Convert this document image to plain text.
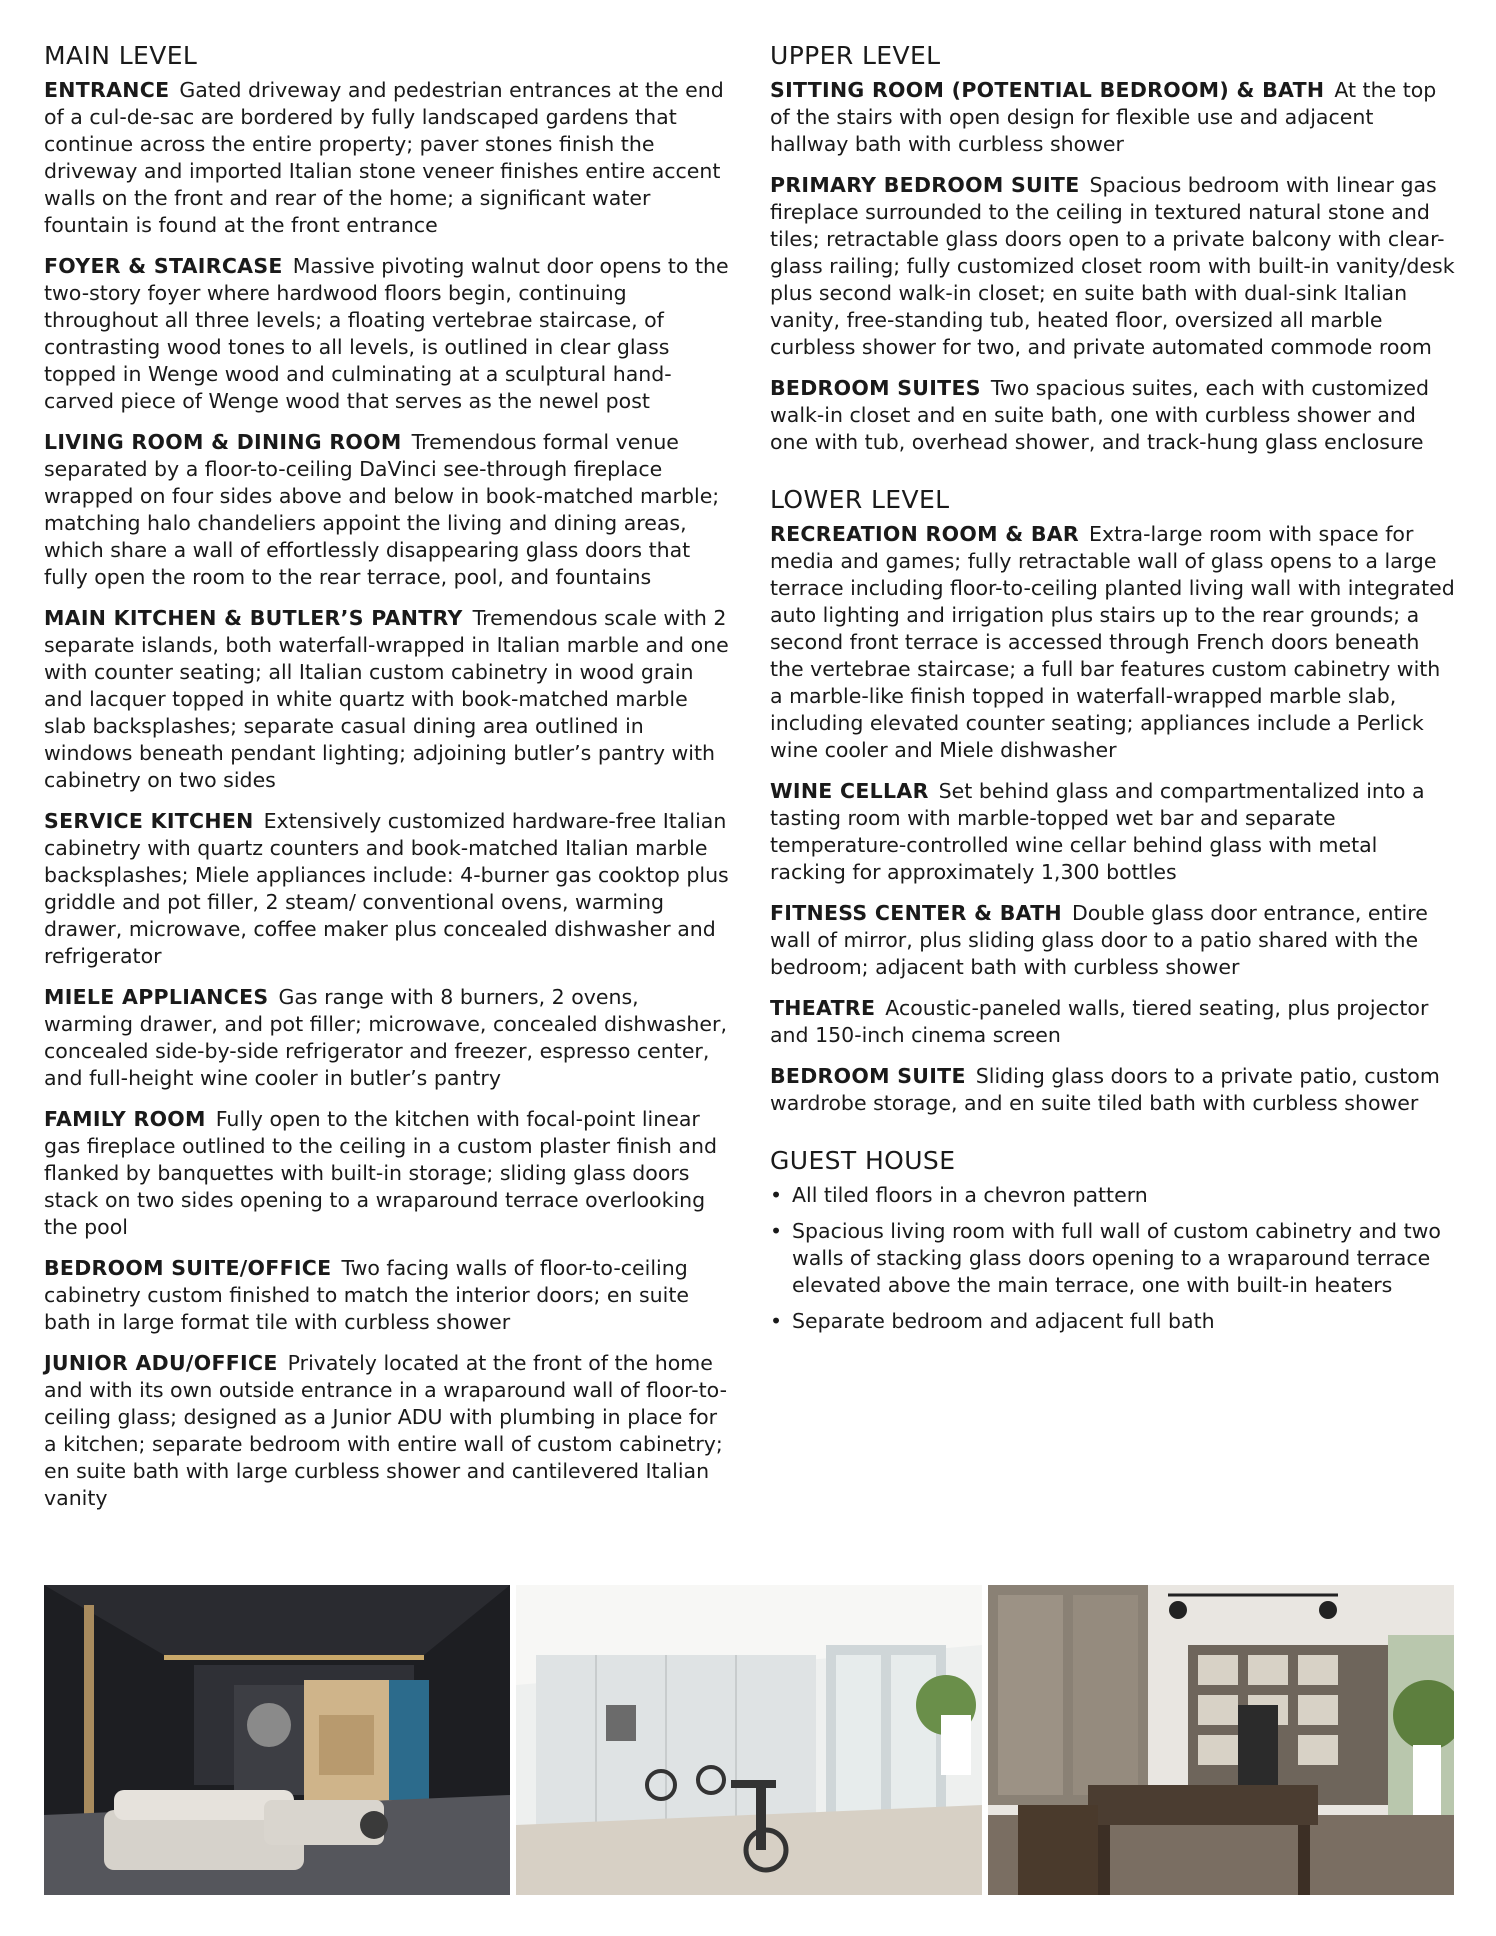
MAIN LEVEL
ENTRANCE Gated driveway and pedestrian entrances at the end of a cul-de-sac are bordered by fully landscaped gardens that continue across the entire property; paver stones finish the driveway and imported Italian stone veneer finishes entire accent walls on the front and rear of the home; a significant water fountain is found at the front entrance
FOYER & STAIRCASE Massive pivoting walnut door opens to the two-story foyer where hardwood floors begin, continuing throughout all three levels; a floating vertebrae staircase, of contrasting wood tones to all levels, is outlined in clear glass topped in Wenge wood and culminating at a sculptural hand-carved piece of Wenge wood that serves as the newel post
LIVING ROOM & DINING ROOM Tremendous formal venue separated by a floor-to-ceiling DaVinci see-through fireplace wrapped on four sides above and below in book-matched marble; matching halo chandeliers appoint the living and dining areas, which share a wall of effortlessly disappearing glass doors that fully open the room to the rear terrace, pool, and fountains
MAIN KITCHEN & BUTLER’S PANTRY Tremendous scale with 2 separate islands, both waterfall-wrapped in Italian marble and one with counter seating; all Italian custom cabinetry in wood grain and lacquer topped in white quartz with book-matched marble slab backsplashes; separate casual dining area outlined in windows beneath pendant lighting; adjoining butler’s pantry with cabinetry on two sides
SERVICE KITCHEN Extensively customized hardware-free Italian cabinetry with quartz counters and book-matched Italian marble backsplashes; Miele appliances include: 4-burner gas cooktop plus griddle and pot filler, 2 steam/ conventional ovens, warming drawer, microwave, coffee maker plus concealed dishwasher and refrigerator
MIELE APPLIANCES Gas range with 8 burners, 2 ovens, warming drawer, and pot filler; microwave, concealed dishwasher, concealed side-by-side refrigerator and freezer, espresso center, and full-height wine cooler in butler’s pantry
FAMILY ROOM Fully open to the kitchen with focal-point linear gas fireplace outlined to the ceiling in a custom plaster finish and flanked by banquettes with built-in storage; sliding glass doors stack on two sides opening to a wraparound terrace overlooking the pool
BEDROOM SUITE/OFFICE Two facing walls of floor-to-ceiling cabinetry custom finished to match the interior doors; en suite bath in large format tile with curbless shower
JUNIOR ADU/OFFICE Privately located at the front of the home and with its own outside entrance in a wraparound wall of floor-to-ceiling glass; designed as a Junior ADU with plumbing in place for a kitchen; separate bedroom with entire wall of custom cabinetry; en suite bath with large curbless shower and cantilevered Italian vanity
UPPER LEVEL
SITTING ROOM (POTENTIAL BEDROOM) & BATH At the top of the stairs with open design for flexible use and adjacent hallway bath with curbless shower
PRIMARY BEDROOM SUITE Spacious bedroom with linear gas fireplace surrounded to the ceiling in textured natural stone and tiles; retractable glass doors open to a private balcony with clear-glass railing; fully customized closet room with built-in vanity/desk plus second walk-in closet; en suite bath with dual-sink Italian vanity, free-standing tub, heated floor, oversized all marble curbless shower for two, and private automated commode room
BEDROOM SUITES Two spacious suites, each with customized walk-in closet and en suite bath, one with curbless shower and one with tub, overhead shower, and track-hung glass enclosure
LOWER LEVEL
RECREATION ROOM & BAR Extra-large room with space for media and games; fully retractable wall of glass opens to a large terrace including floor-to-ceiling planted living wall with integrated auto lighting and irrigation plus stairs up to the rear grounds; a second front terrace is accessed through French doors beneath the vertebrae staircase; a full bar features custom cabinetry with a marble-like finish topped in waterfall-wrapped marble slab, including elevated counter seating; appliances include a Perlick wine cooler and Miele dishwasher
WINE CELLAR Set behind glass and compartmentalized into a tasting room with marble-topped wet bar and separate temperature-controlled wine cellar behind glass with metal racking for approximately 1,300 bottles
FITNESS CENTER & BATH Double glass door entrance, entire wall of mirror, plus sliding glass door to a patio shared with the bedroom; adjacent bath with curbless shower
THEATRE Acoustic-paneled walls, tiered seating, plus projector and 150-inch cinema screen
BEDROOM SUITE Sliding glass doors to a private patio, custom wardrobe storage, and en suite tiled bath with curbless shower
GUEST HOUSE
• All tiled floors in a chevron pattern
• Spacious living room with full wall of custom cabinetry and two walls of stacking glass doors opening to a wraparound terrace elevated above the main terrace, one with built-in heaters
• Separate bedroom and adjacent full bath
